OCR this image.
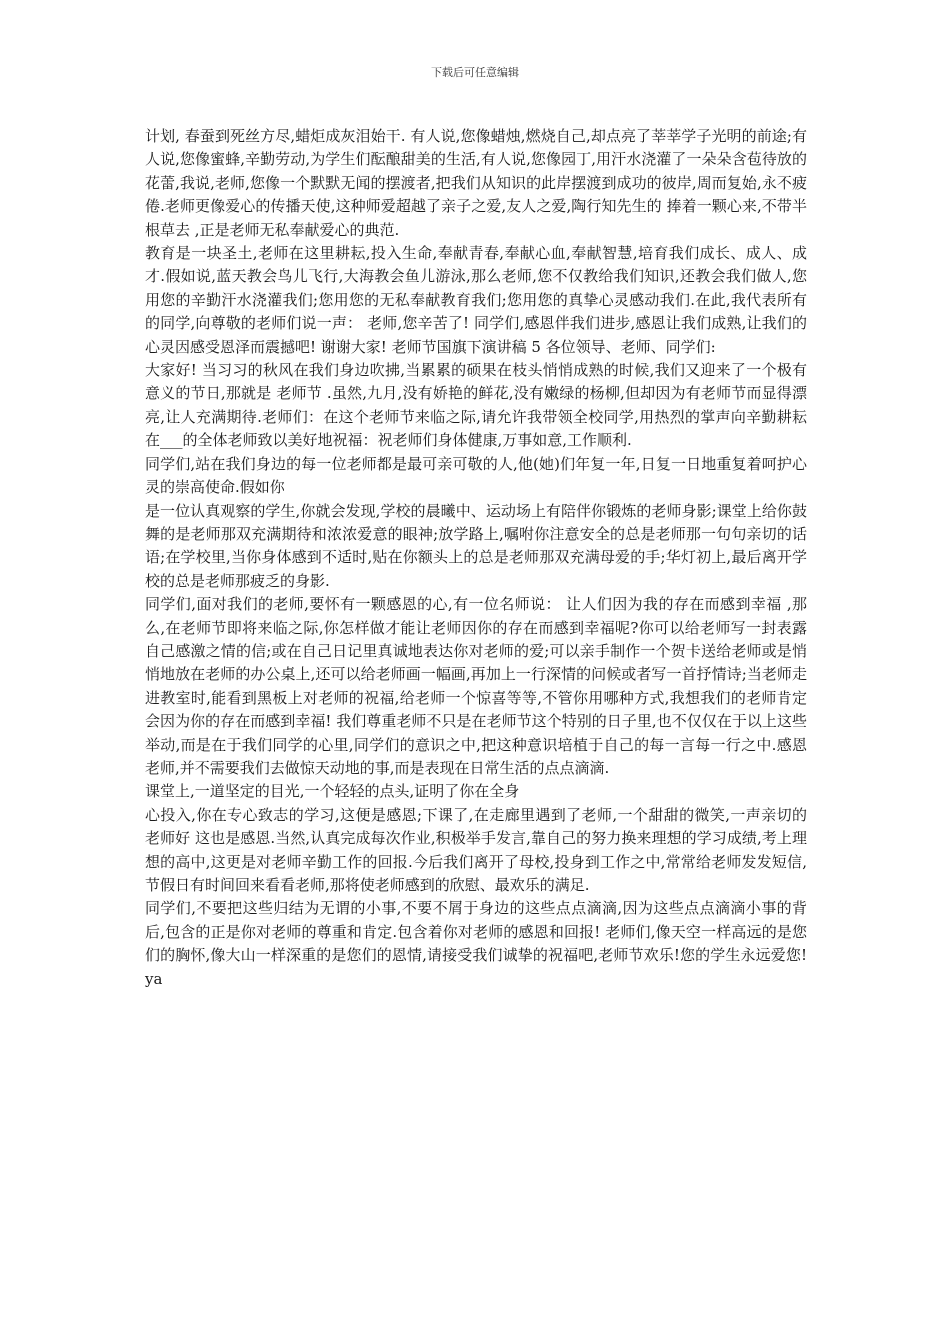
下载后可任意编辑

计划, 春蚕到死丝方尽,蜡炬成灰泪始干. 有人说,您像蜡烛,燃烧自己,却点亮了莘莘学子光明的前途;有人说,您像蜜蜂,辛勤劳动,为学生们酝酿甜美的生活,有人说,您像园丁,用汗水浇灌了一朵朵含苞待放的花蕾,我说,老师,您像一个默默无闻的摆渡者,把我们从知识的此岸摆渡到成功的彼岸,周而复始,永不疲倦.老师更像爱心的传播天使,这种师爱超越了亲子之爱,友人之爱,陶行知先生的 捧着一颗心来,不带半根草去 ,正是老师无私奉献爱心的典范.

教育是一块圣土,老师在这里耕耘,投入生命,奉献青春,奉献心血,奉献智慧,培育我们成长、成人、成才.假如说,蓝天教会鸟儿飞行,大海教会鱼儿游泳,那么老师,您不仅教给我们知识,还教会我们做人,您用您的辛勤汗水浇灌我们;您用您的无私奉献教育我们;您用您的真挚心灵感动我们.在此,我代表所有的同学,向尊敬的老师们说一声： 老师,您辛苦了! 同学们,感恩伴我们进步,感恩让我们成熟,让我们的心灵因感受恩泽而震撼吧! 谢谢大家! 老师节国旗下演讲稿 5 各位领导、老师、同学们:

大家好! 当习习的秋风在我们身边吹拂,当累累的硕果在枝头悄悄成熟的时候,我们又迎来了一个极有意义的节日,那就是 老师节 .虽然,九月,没有娇艳的鲜花,没有嫩绿的杨柳,但却因为有老师节而显得漂亮,让人充满期待.老师们：在这个老师节来临之际,请允许我带领全校同学,用热烈的掌声向辛勤耕耘在___的全体老师致以美好地祝福：祝老师们身体健康,万事如意,工作顺利.

同学们,站在我们身边的每一位老师都是最可亲可敬的人,他(她)们年复一年,日复一日地重复着呵护心灵的崇高使命.假如你

是一位认真观察的学生,你就会发现,学校的晨曦中、运动场上有陪伴你锻炼的老师身影;课堂上给你鼓舞的是老师那双充满期待和浓浓爱意的眼神;放学路上,嘱咐你注意安全的总是老师那一句句亲切的话语;在学校里,当你身体感到不适时,贴在你额头上的总是老师那双充满母爱的手;华灯初上,最后离开学校的总是老师那疲乏的身影.

同学们,面对我们的老师,要怀有一颗感恩的心,有一位名师说： 让人们因为我的存在而感到幸福 ,那么,在老师节即将来临之际,你怎样做才能让老师因你的存在而感到幸福呢?你可以给老师写一封表露自己感激之情的信;或在自己日记里真诚地表达你对老师的爱;可以亲手制作一个贺卡送给老师或是悄悄地放在老师的办公桌上,还可以给老师画一幅画,再加上一行深情的问候或者写一首抒情诗;当老师走进教室时,能看到黑板上对老师的祝福,给老师一个惊喜等等,不管你用哪种方式,我想我们的老师肯定会因为你的存在而感到幸福! 我们尊重老师不只是在老师节这个特别的日子里,也不仅仅在于以上这些举动,而是在于我们同学的心里,同学们的意识之中,把这种意识培植于自己的每一言每一行之中.感恩老师,并不需要我们去做惊天动地的事,而是表现在日常生活的点点滴滴.

课堂上,一道坚定的目光,一个轻轻的点头,证明了你在全身

心投入,你在专心致志的学习,这便是感恩;下课了,在走廊里遇到了老师,一个甜甜的微笑,一声亲切的 老师好 这也是感恩.当然,认真完成每次作业,积极举手发言,靠自己的努力换来理想的学习成绩,考上理想的高中,这更是对老师辛勤工作的回报.今后我们离开了母校,投身到工作之中,常常给老师发发短信,节假日有时间回来看看老师,那将使老师感到的欣慰、最欢乐的满足.

同学们,不要把这些归结为无谓的小事,不要不屑于身边的这些点点滴滴,因为这些点点滴滴小事的背后,包含的正是你对老师的尊重和肯定.包含着你对老师的感恩和回报! 老师们,像天空一样高远的是您们的胸怀,像大山一样深重的是您们的恩情,请接受我们诚挚的祝福吧,老师节欢乐!您的学生永远爱您! ya
